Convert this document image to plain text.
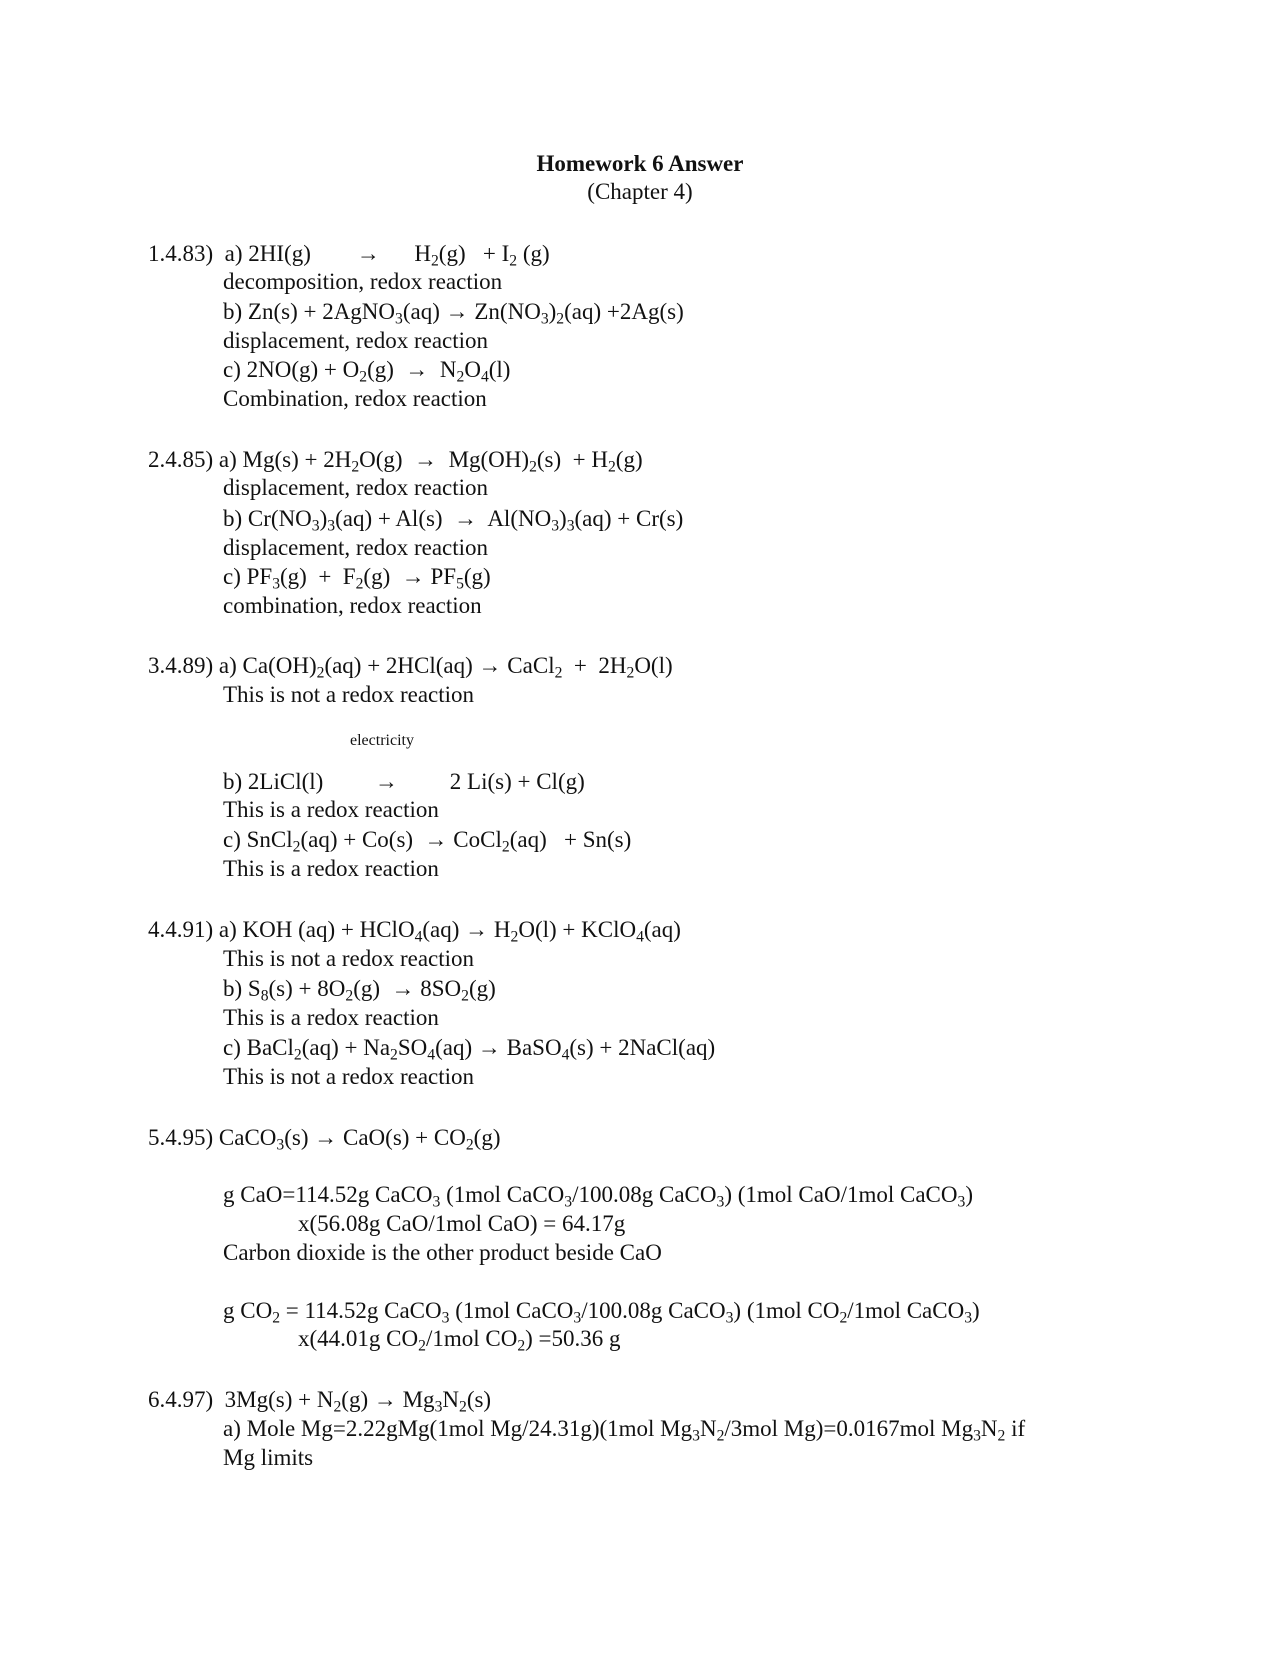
Homework 6 Answer
(Chapter 4)
1.4.83)  a) 2HI(g)        →      $H_2(g) + I_2$ (g)
decomposition, redox reaction
b) Zn(s) + 2AgNO$_3$(aq) → $Zn(NO_3)_2(aq) +2Ag(s)$
displacement, redox reaction
c) $2NO(g) + O_2(g) \to N_2O_4(l)$
Combination, redox reaction
2.4.85) a) $Mg(s) + 2H_2O(g) \to Mg(OH)_2(s) + H_2(g)$
displacement, redox reaction
b) $Cr(NO_3)_3(aq) + Al(s) \to Al(NO_3)_3(aq) + Cr(s)$
displacement, redox reaction
c) $PF_3(g) + F_2(g) \to PF_5(g)$
combination, redox reaction
3.4.89) a) $Ca(OH)_2(aq) + 2HCl(aq)$ → CaCl$_2$  +  $2H_2O(l)$
This is not a redox reaction
electricity
b) 2LiCl(l)         →         2 Li(s) + Cl(g)
This is a redox reaction
c) SnCl$_2$(aq) + Co(s)  → CoCl$_2$(aq)   + Sn(s)
This is a redox reaction
4.4.91) a) KOH (aq) + HClO$_4$(aq) → $H_2O(l)$ + KClO$_4$(aq)
This is not a redox reaction
b) $S_8(s) + 8O_2(g) \to 8SO_2(g)$
This is a redox reaction
c) BaCl$_2$(aq) + $Na_2SO_4(aq)$ → BaSO$_4$(s) + 2NaCl(aq)
This is not a redox reaction
5.4.95) CaCO$_3$(s) → $CaO(s) + CO_2(g)$
g CaO=114.52g CaCO$_3$ (1mol CaCO$_3$/100.08g CaCO$_3$) (1mol CaO/1mol CaCO$_3$)
x(56.08g CaO/1mol CaO) = 64.17g
Carbon dioxide is the other product beside CaO
g $CO_2 = 114.52g$ CaCO$_3$ (1mol CaCO$_3$/100.08g CaCO$_3$) (1mol $CO_2/1mol$ CaCO$_3$)
x(44.01g $CO_2/1mol$ $CO_2) =50.36$ g
6.4.97)  $3Mg(s) + N_2(g) \to Mg_3N_2(s)$
a) Mole Mg=2.22gMg(1mol Mg/24.31g)(1mol $Mg_3N_2/3mol$ Mg)=0.0167mol $Mg_3N_2$ if
Mg limits
